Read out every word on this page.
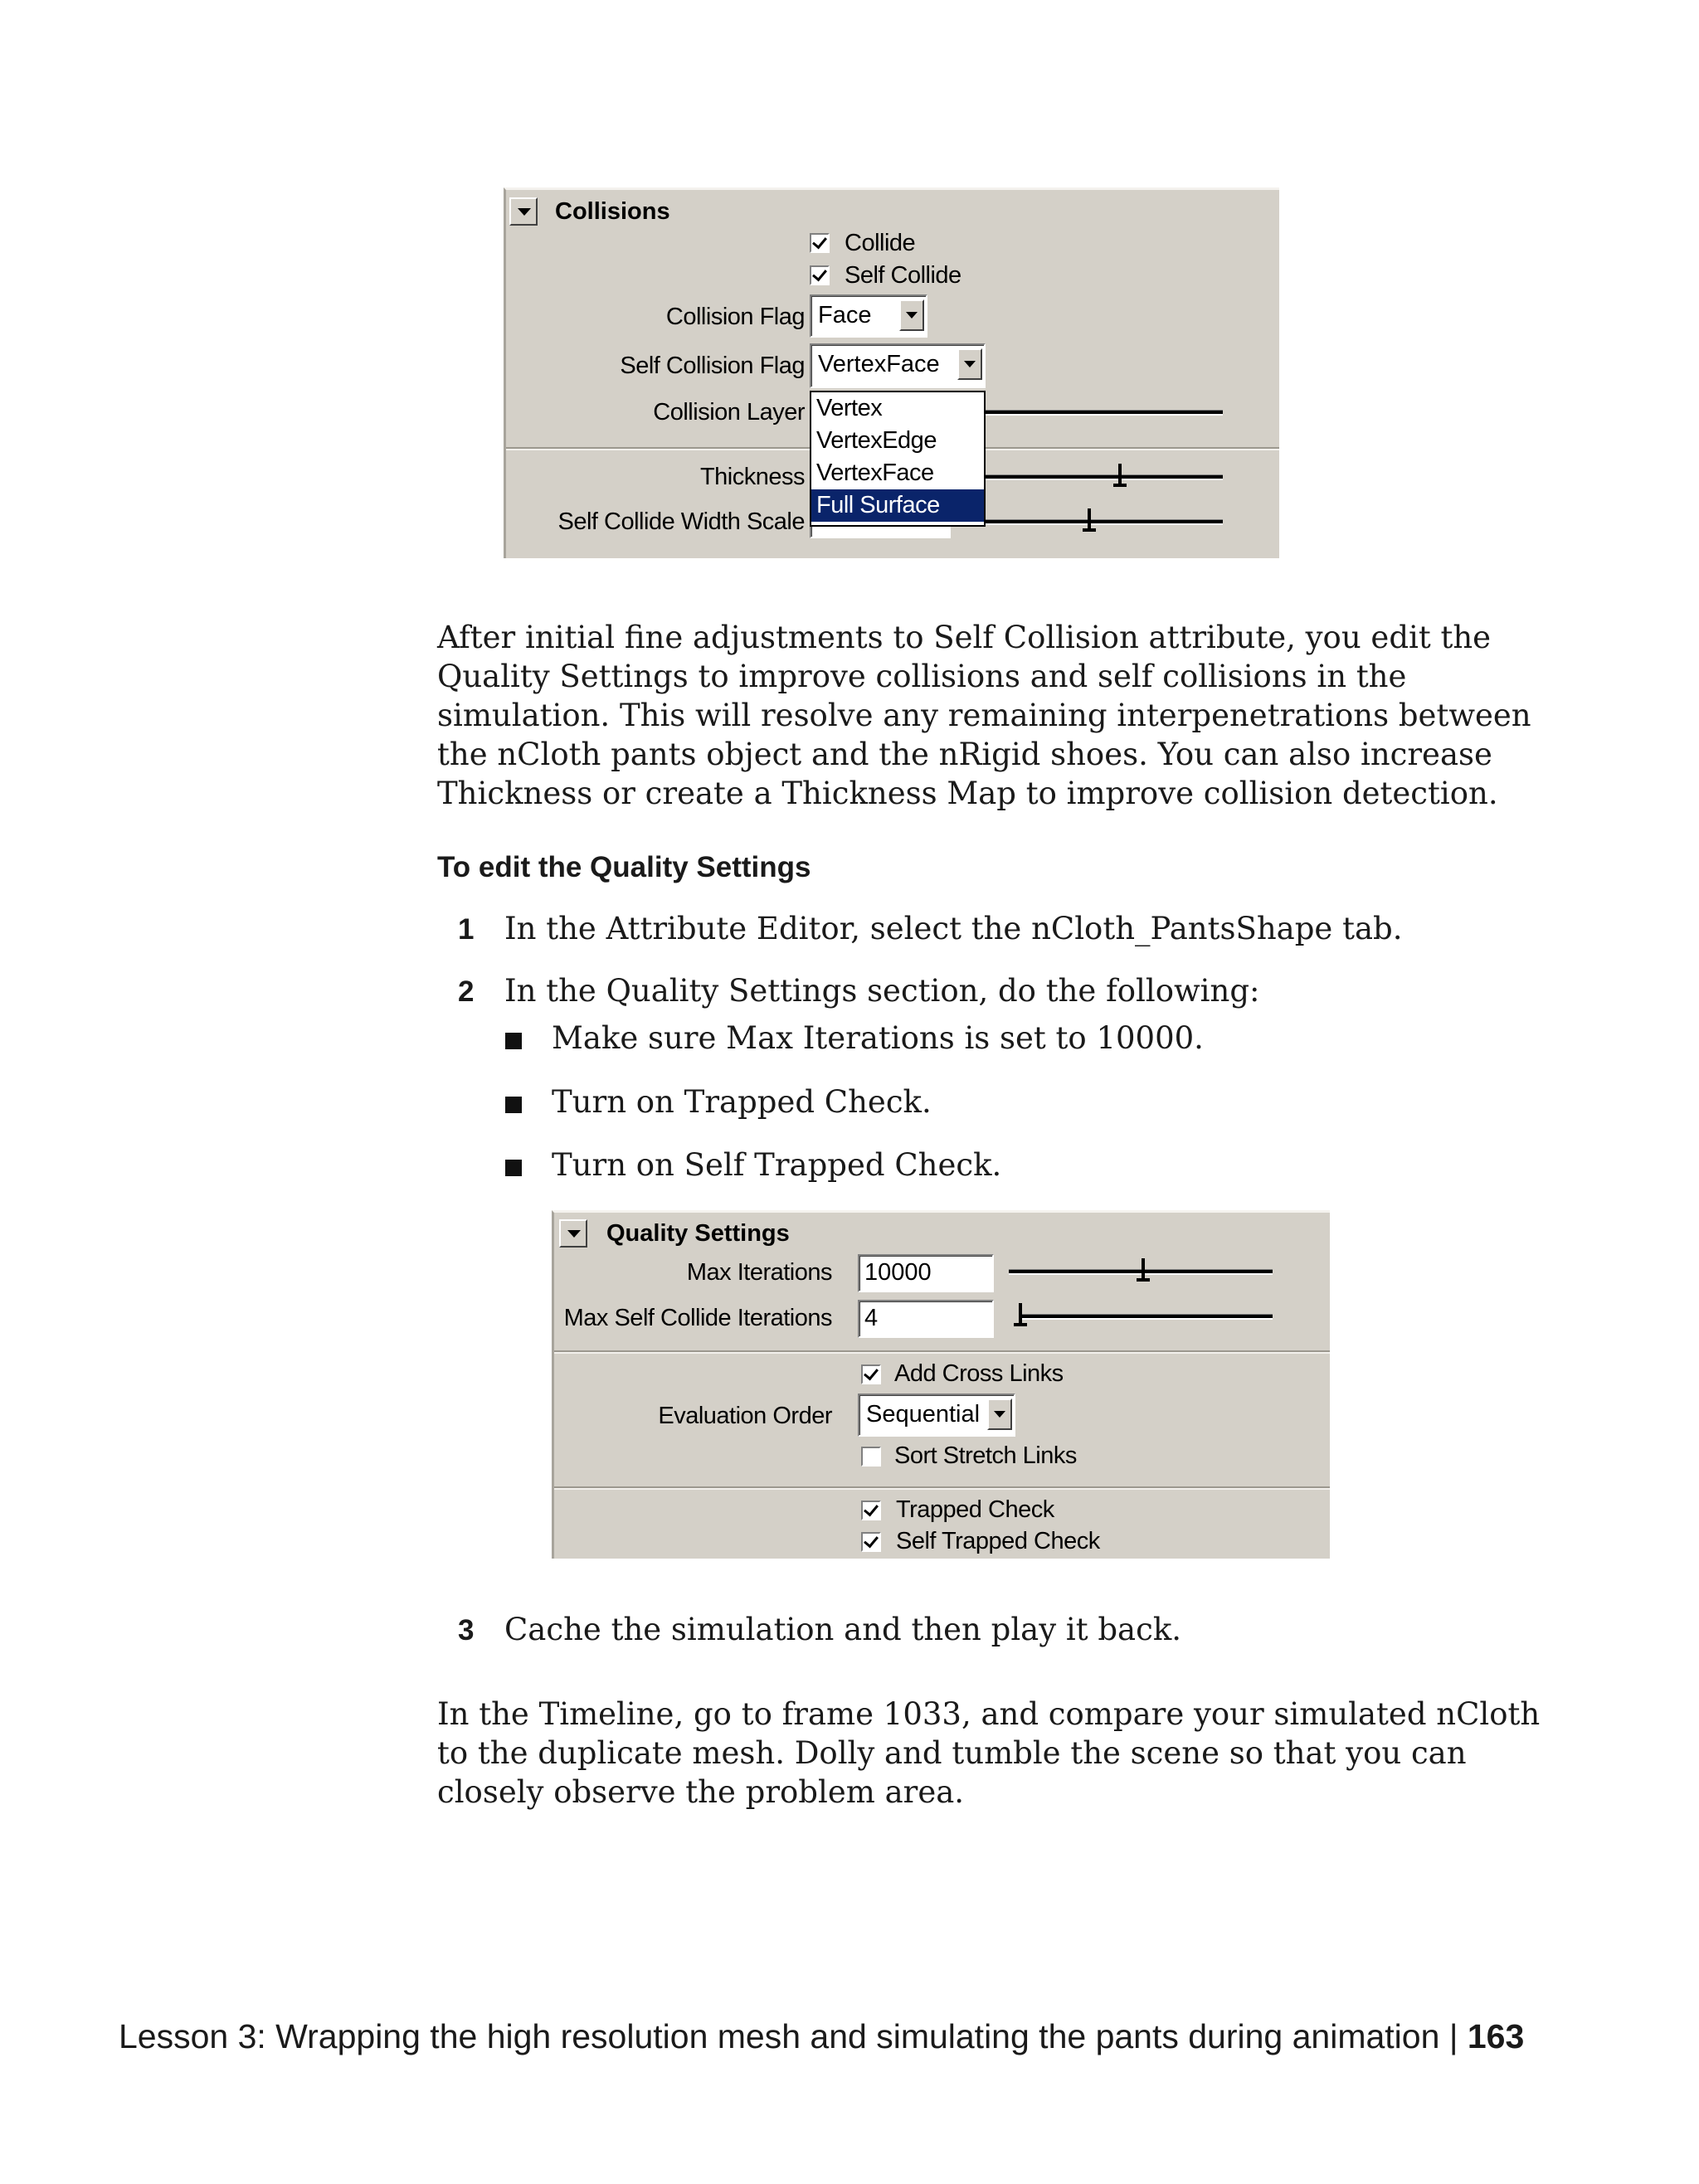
Collisions
Collide
Self Collide
Collision Flag Face
Self Collision Flag VertexFace
Collision Layer
Thickness
Self Collide Width Scale
Vertex
VertexEdge
VertexFace
Full Surface
After initial fine adjustments to Self Collision attribute, you edit the Quality Settings to improve collisions and self collisions in the simulation. This will resolve any remaining interpenetrations between the nCloth pants object and the nRigid shoes. You can also increase Thickness or create a Thickness Map to improve collision detection.
To edit the Quality Settings
1 In the Attribute Editor, select the nCloth_PantsShape tab.
2 In the Quality Settings section, do the following:
Make sure Max Iterations is set to 10000.
Turn on Trapped Check.
Turn on Self Trapped Check.
Quality Settings
Max Iterations 10000
Max Self Collide Iterations 4
Add Cross Links
Evaluation Order	Sequential
Sort Stretch Links
Trapped Check
Self Trapped Check
3 Cache the simulation and then play it back.
In the Timeline, go to frame 1033, and compare your simulated nCloth to the duplicate mesh. Dolly and tumble the scene so that you can closely observe the problem area.
Lesson 3: Wrapping the high resolution mesh and simulating the pants during animation | 163
